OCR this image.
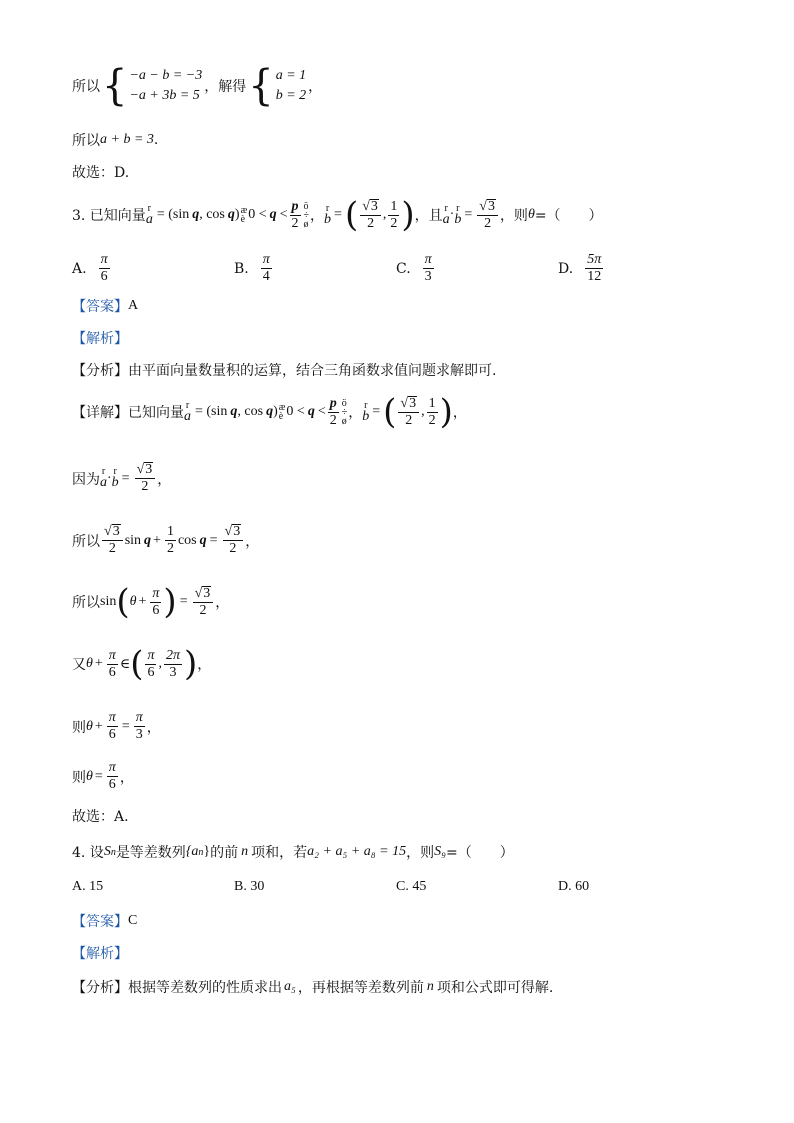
所以 { −a − b = −3
−a + 3b = 5
，解得 { a = 1
b = 2
，
所以 a + b = 3 .
故选：D.
3. 已知向量 r
a = (sin q , cos q ) æ
è $0 < q < \frac{p}{2}$ ö
÷
ø ， r
b = ( $\frac{√ 3}{2}$ , $\frac{1}{2}$ ) ，且 r
a · r
$b = \frac{√ 3}{2}$ ，则 θ =（　　）
A. $\frac{\pi}{6}$	B. $\frac{\pi}{4}$	C. $\frac{\pi}{3}$	D. $\frac{5\pi}{12}$
【答案】 A
【解析】
【分析】 由平面向量数量积的运算，结合三角函数求值问题求解即可.
【详解】 已知向量 r
a = (sin q , cos q ) æ
è $0 < q < \frac{p}{2}$ ö
÷
ø ， r
b = ( $\frac{√ 3}{2}$ , $\frac{1}{2}$ ) ，
因为 r
a · r
$b = \frac{√ 3}{2}$ ，
所以 $\frac{√ 3}{2}$ $\sin q + \frac{1}{2}$ $\cos q = \frac{√ 3}{2}$ ，
所以 sin ( $\theta + \frac{\pi}{6}$ ) = $\frac{√ 3}{2}$ ，
又 $\theta + \frac{\pi}{6}$ ∈ ( $\frac{\pi}{6}$ , $\frac{2\pi}{3}$ ) ，
则 $\theta + \frac{\pi}{6} = \frac{\pi}{3}$ ，
则 $\theta = \frac{\pi}{6}$ ，
故选：A.
4. 设 S n 是等差数列 {a n } 的前 n 项和，若 a₂ + a₅ + a₈ = 15 ，则 S₉ =（　　）
A. 15	B. 30	C. 45	D. 60
【答案】 C
【解析】
【分析】 根据等差数列的性质求出 a₅ ，再根据等差数列前 n 项和公式即可得解.
